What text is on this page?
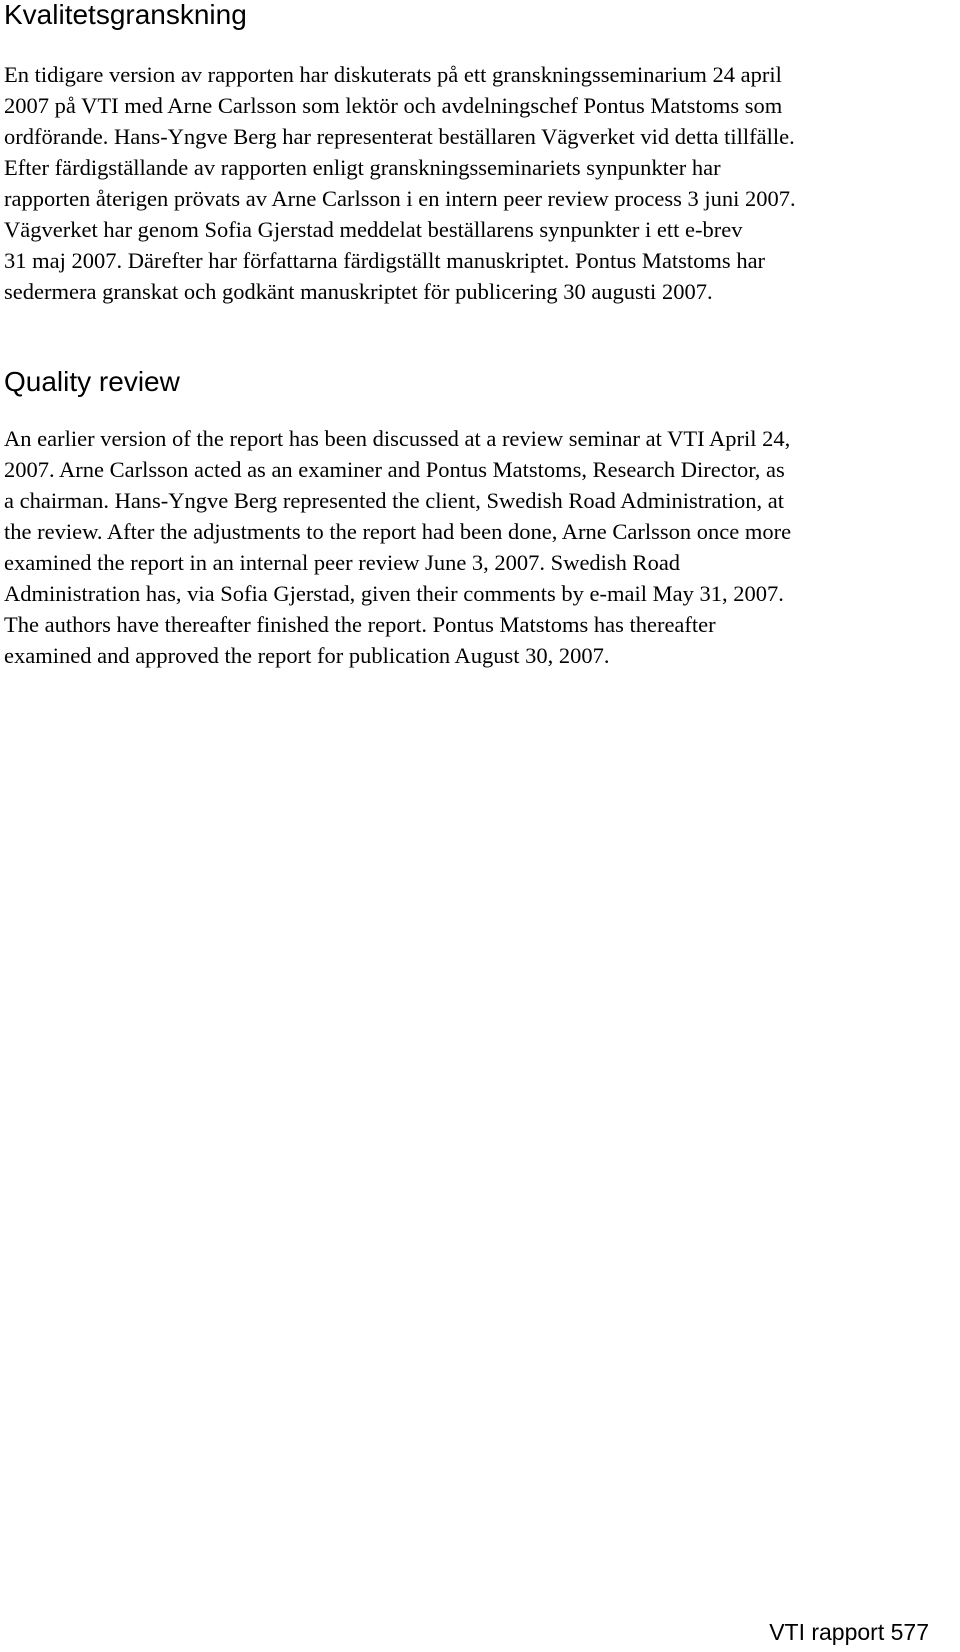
Kvalitetsgranskning
En tidigare version av rapporten har diskuterats på ett granskningsseminarium 24 april
2007 på VTI med Arne Carlsson som lektör och avdelningschef Pontus Matstoms som
ordförande. Hans-Yngve Berg har representerat beställaren Vägverket vid detta tillfälle.
Efter färdigställande av rapporten enligt granskningsseminariets synpunkter har
rapporten återigen prövats av Arne Carlsson i en intern peer review process 3 juni 2007.
Vägverket har genom Sofia Gjerstad meddelat beställarens synpunkter i ett e-brev
31 maj 2007. Därefter har författarna färdigställt manuskriptet. Pontus Matstoms har
sedermera granskat och godkänt manuskriptet för publicering 30 augusti 2007.
Quality review
An earlier version of the report has been discussed at a review seminar at VTI April 24,
2007. Arne Carlsson acted as an examiner and Pontus Matstoms, Research Director, as
a chairman. Hans-Yngve Berg represented the client, Swedish Road Administration, at
the review. After the adjustments to the report had been done, Arne Carlsson once more
examined the report in an internal peer review June 3, 2007. Swedish Road
Administration has, via Sofia Gjerstad, given their comments by e-mail May 31, 2007.
The authors have thereafter finished the report. Pontus Matstoms has thereafter
examined and approved the report for publication August 30, 2007.
VTI rapport 577
